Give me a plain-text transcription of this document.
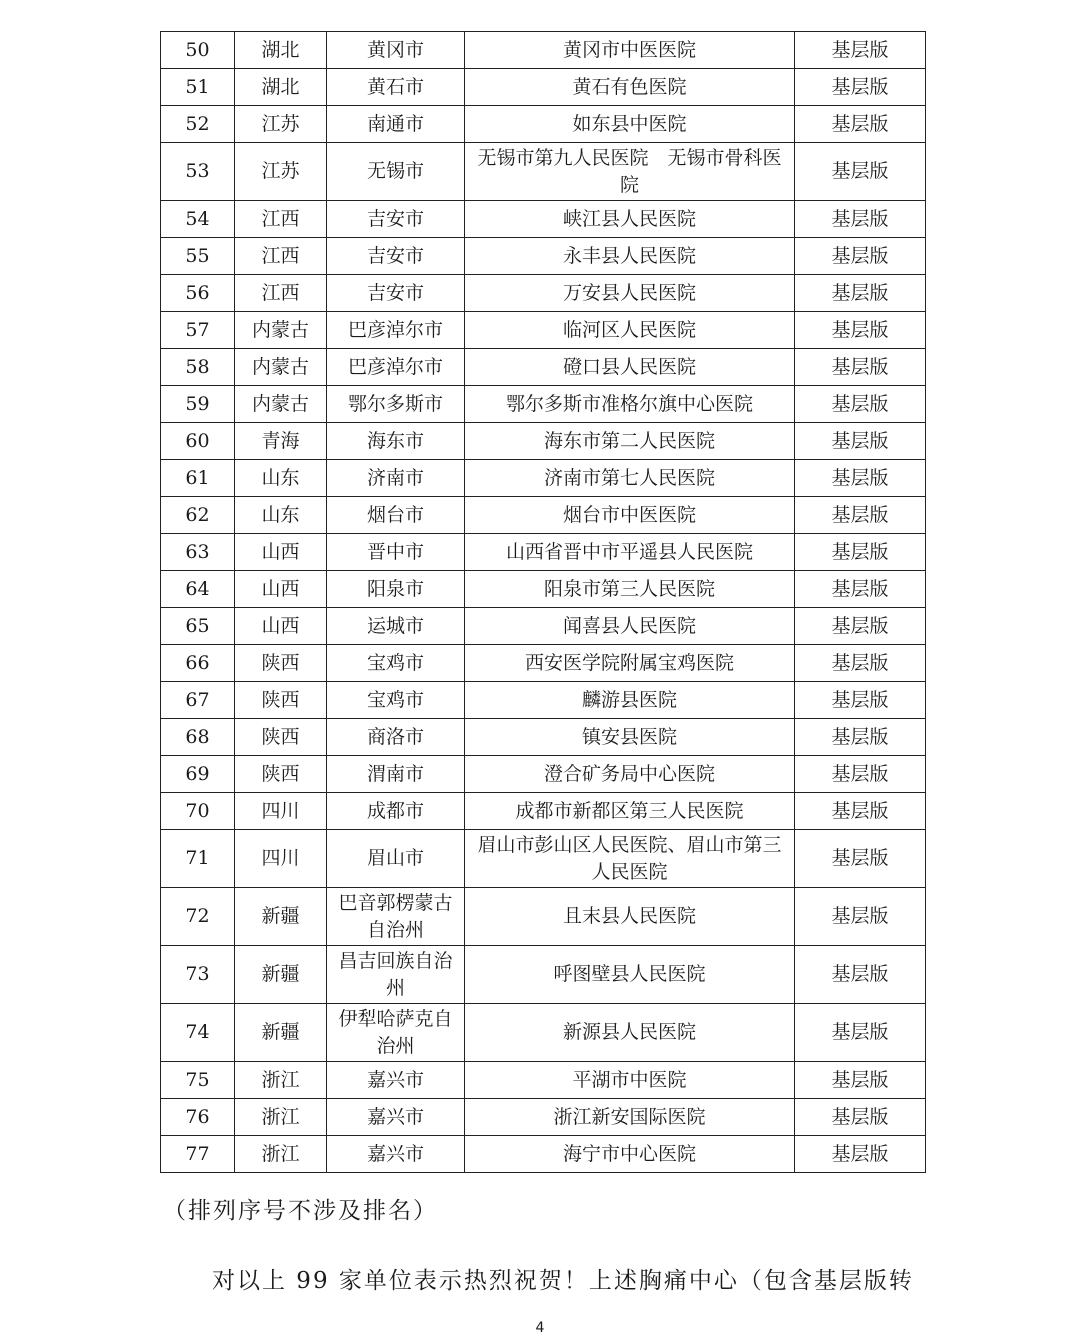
50	湖北	黄冈市	黄冈市中医医院	基层版
51	湖北	黄石市	黄石有色医院	基层版
52	江苏	南通市	如东县中医院	基层版
53	江苏	无锡市	无锡市第九人民医院　无锡市骨科医院	基层版
54	江西	吉安市	峡江县人民医院	基层版
55	江西	吉安市	永丰县人民医院	基层版
56	江西	吉安市	万安县人民医院	基层版
57	内蒙古	巴彦淖尔市	临河区人民医院	基层版
58	内蒙古	巴彦淖尔市	磴口县人民医院	基层版
59	内蒙古	鄂尔多斯市	鄂尔多斯市准格尔旗中心医院	基层版
60	青海	海东市	海东市第二人民医院	基层版
61	山东	济南市	济南市第七人民医院	基层版
62	山东	烟台市	烟台市中医医院	基层版
63	山西	晋中市	山西省晋中市平遥县人民医院	基层版
64	山西	阳泉市	阳泉市第三人民医院	基层版
65	山西	运城市	闻喜县人民医院	基层版
66	陕西	宝鸡市	西安医学院附属宝鸡医院	基层版
67	陕西	宝鸡市	麟游县医院	基层版
68	陕西	商洛市	镇安县医院	基层版
69	陕西	渭南市	澄合矿务局中心医院	基层版
70	四川	成都市	成都市新都区第三人民医院	基层版
71	四川	眉山市	眉山市彭山区人民医院、眉山市第三人民医院	基层版
72	新疆	巴音郭楞蒙古自治州	且末县人民医院	基层版
73	新疆	昌吉回族自治州	呼图壁县人民医院	基层版
74	新疆	伊犁哈萨克自治州	新源县人民医院	基层版
75	浙江	嘉兴市	平湖市中医院	基层版
76	浙江	嘉兴市	浙江新安国际医院	基层版
77	浙江	嘉兴市	海宁市中心医院	基层版
（排列序号不涉及排名）
对以上 99 家单位表示热烈祝贺！上述胸痛中心（包含基层版转
4
